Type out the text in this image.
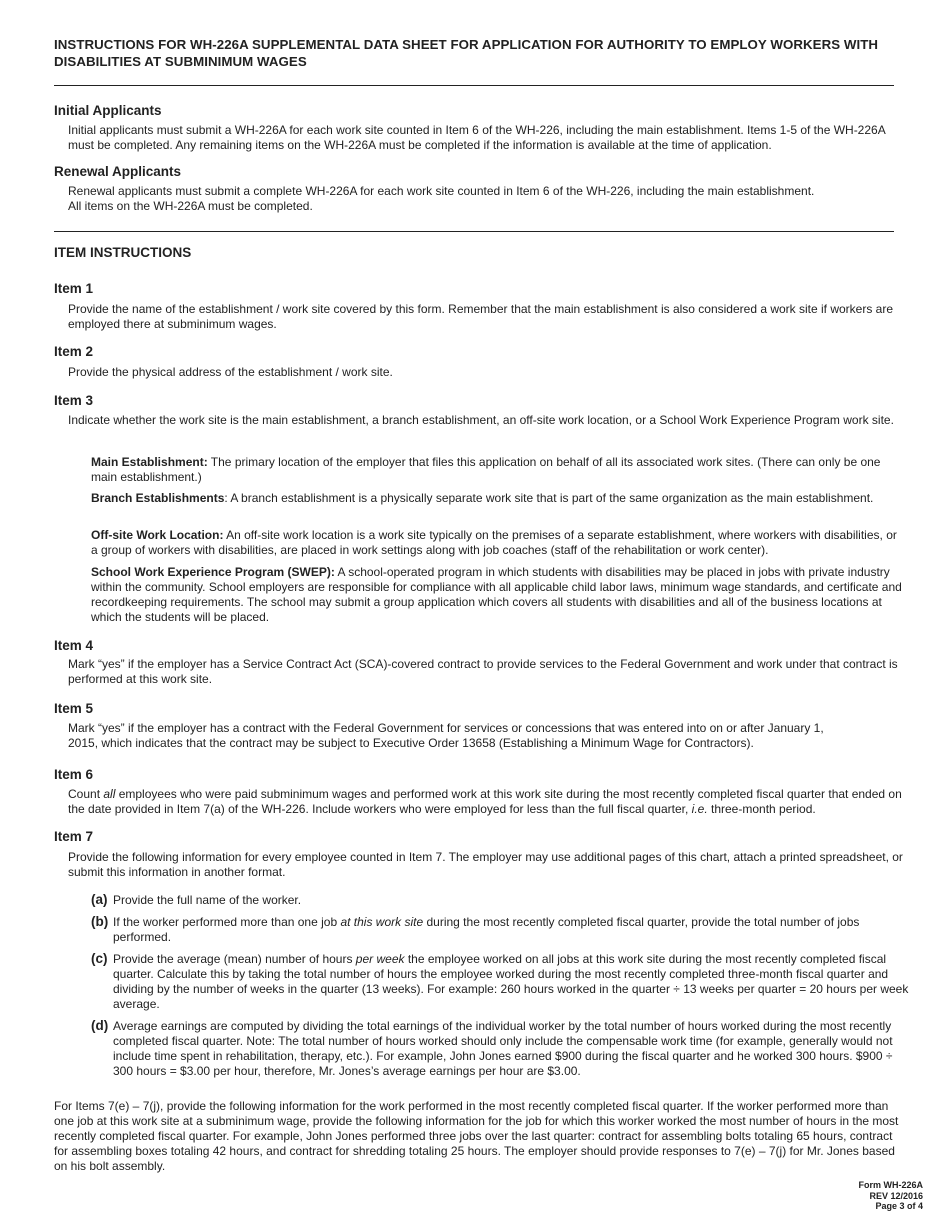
INSTRUCTIONS FOR WH-226A SUPPLEMENTAL DATA SHEET FOR APPLICATION FOR AUTHORITY TO EMPLOY WORKERS WITH DISABILITIES AT SUBMINIMUM WAGES
Initial Applicants
Initial applicants must submit a WH-226A for each work site counted in Item 6 of the WH-226, including the main establishment. Items 1-5 of the WH-226A must be completed. Any remaining items on the WH-226A must be completed if the information is available at the time of application.
Renewal Applicants
Renewal applicants must submit a complete WH-226A for each work site counted in Item 6 of the WH-226, including the main establishment.
All items on the WH-226A must be completed.
ITEM INSTRUCTIONS
Item 1
Provide the name of the establishment / work site covered by this form. Remember that the main establishment is also considered a work site if workers are employed there at subminimum wages.
Item 2
Provide the physical address of the establishment / work site.
Item 3
Indicate whether the work site is the main establishment, a branch establishment, an off-site work location, or a School Work Experience Program work site.
Main Establishment: The primary location of the employer that files this application on behalf of all its associated work sites. (There can only be one main establishment.)
Branch Establishments: A branch establishment is a physically separate work site that is part of the same organization as the main establishment.
Off-site Work Location: An off-site work location is a work site typically on the premises of a separate establishment, where workers with disabilities, or a group of workers with disabilities, are placed in work settings along with job coaches (staff of the rehabilitation or work center).
School Work Experience Program (SWEP): A school-operated program in which students with disabilities may be placed in jobs with private industry within the community. School employers are responsible for compliance with all applicable child labor laws, minimum wage standards, and certificate and recordkeeping requirements. The school may submit a group application which covers all students with disabilities and all of the business locations at which the students will be placed.
Item 4
Mark “yes” if the employer has a Service Contract Act (SCA)-covered contract to provide services to the Federal Government and work under that contract is performed at this work site.
Item 5
Mark “yes” if the employer has a contract with the Federal Government for services or concessions that was entered into on or after January 1,
2015, which indicates that the contract may be subject to Executive Order 13658 (Establishing a Minimum Wage for Contractors).
Item 6
Count all employees who were paid subminimum wages and performed work at this work site during the most recently completed fiscal quarter that ended on the date provided in Item 7(a) of the WH-226. Include workers who were employed for less than the full fiscal quarter, i.e. three-month period.
Item 7
Provide the following information for every employee counted in Item 7. The employer may use additional pages of this chart, attach a printed spreadsheet, or submit this information in another format.
(a) Provide the full name of the worker.
(b) If the worker performed more than one job at this work site during the most recently completed fiscal quarter, provide the total number of jobs performed.
(c) Provide the average (mean) number of hours per week the employee worked on all jobs at this work site during the most recently completed fiscal quarter. Calculate this by taking the total number of hours the employee worked during the most recently completed three-month fiscal quarter and dividing by the number of weeks in the quarter (13 weeks). For example: 260 hours worked in the quarter ÷ 13 weeks per quarter = 20 hours per week average.
(d) Average earnings are computed by dividing the total earnings of the individual worker by the total number of hours worked during the most recently completed fiscal quarter. Note: The total number of hours worked should only include the compensable work time (for example, generally would not include time spent in rehabilitation, therapy, etc.). For example, John Jones earned $900 during the fiscal quarter and he worked 300 hours. $900 ÷ 300 hours = $3.00 per hour, therefore, Mr. Jones’s average earnings per hour are $3.00.
For Items 7(e) – 7(j), provide the following information for the work performed in the most recently completed fiscal quarter. If the worker performed more than one job at this work site at a subminimum wage, provide the following information for the job for which this worker worked the most number of hours in the most recently completed fiscal quarter. For example, John Jones performed three jobs over the last quarter: contract for assembling bolts totaling 65 hours, contract for assembling boxes totaling 42 hours, and contract for shredding totaling 25 hours. The employer should provide responses to 7(e) – 7(j) for Mr. Jones based on his bolt assembly.
Form WH-226A
REV 12/2016
Page 3 of 4
